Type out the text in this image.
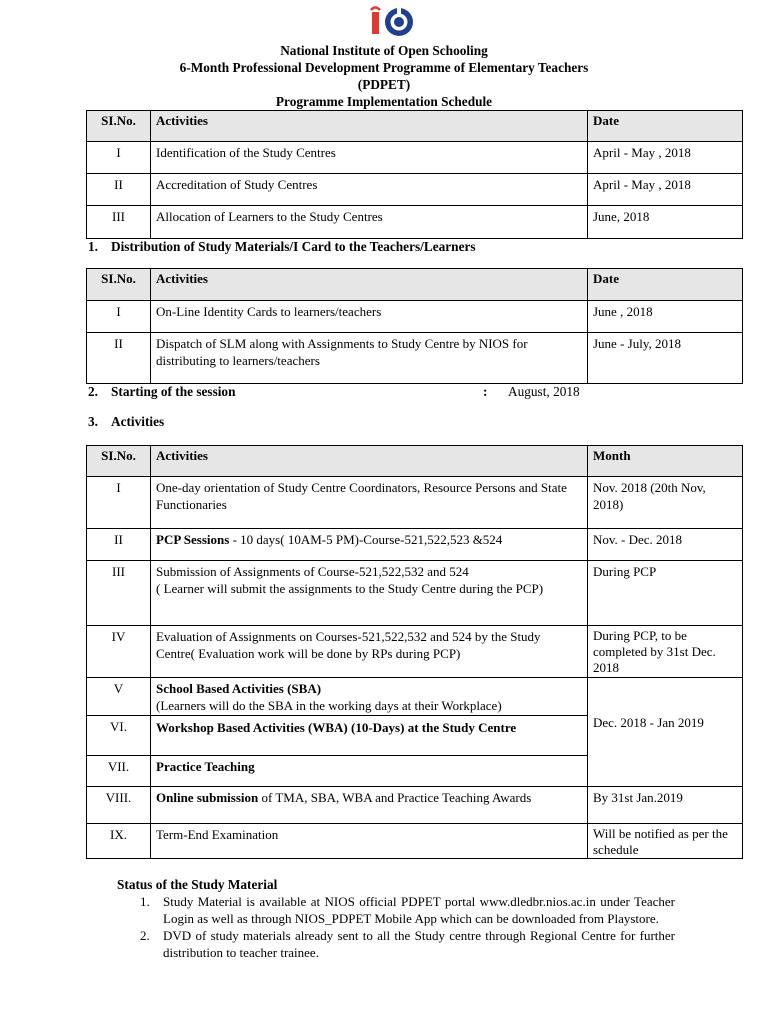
National Institute of Open Schooling
6-Month Professional Development Programme of Elementary Teachers
(PDPET)
Programme Implementation Schedule
SI.No.	Activities	Date
I	Identification of the Study Centres	April - May , 2018
II	Accreditation of Study Centres	April - May , 2018
III	Allocation of Learners to the Study Centres	June, 2018
1. Distribution of Study Materials/I Card to the Teachers/Learners
SI.No.	Activities	Date
I	On-Line Identity Cards to learners/teachers	June , 2018
II	Dispatch of SLM along with Assignments to Study Centre by NIOS for distributing to learners/teachers	June - July, 2018
2. Starting of the session	: August, 2018
3. Activities
SI.No.	Activities	Month
I	One-day orientation of Study Centre Coordinators, Resource Persons and State Functionaries	Nov. 2018 (20th Nov, 2018)
II	PCP Sessions - 10 days( 10AM-5 PM)-Course-521,522,523 &524	Nov. - Dec. 2018
III	Submission of Assignments of Course-521,522,532 and 524
( Learner will submit the assignments to the Study Centre during the PCP)	During PCP
IV	Evaluation of Assignments on Courses-521,522,532 and 524 by the Study Centre( Evaluation work will be done by RPs during PCP)	During PCP, to be completed by 31st Dec. 2018
V	School Based Activities (SBA)
(Learners will do the SBA in the working days at their Workplace)	Dec. 2018 - Jan 2019
VI.	Workshop Based Activities (WBA) (10-Days) at the Study Centre	
VII.	Practice Teaching	
VIII.	Online submission of TMA, SBA, WBA and Practice Teaching Awards	By 31st Jan.2019
IX.	Term-End Examination	Will be notified as per the schedule
Status of the Study Material
1. Study Material is available at NIOS official PDPET portal www.dledbr.nios.ac.in under Teacher Login as well as through NIOS_PDPET Mobile App which can be downloaded from Playstore.
2. DVD of study materials already sent to all the Study centre through Regional Centre for further distribution to teacher trainee.
